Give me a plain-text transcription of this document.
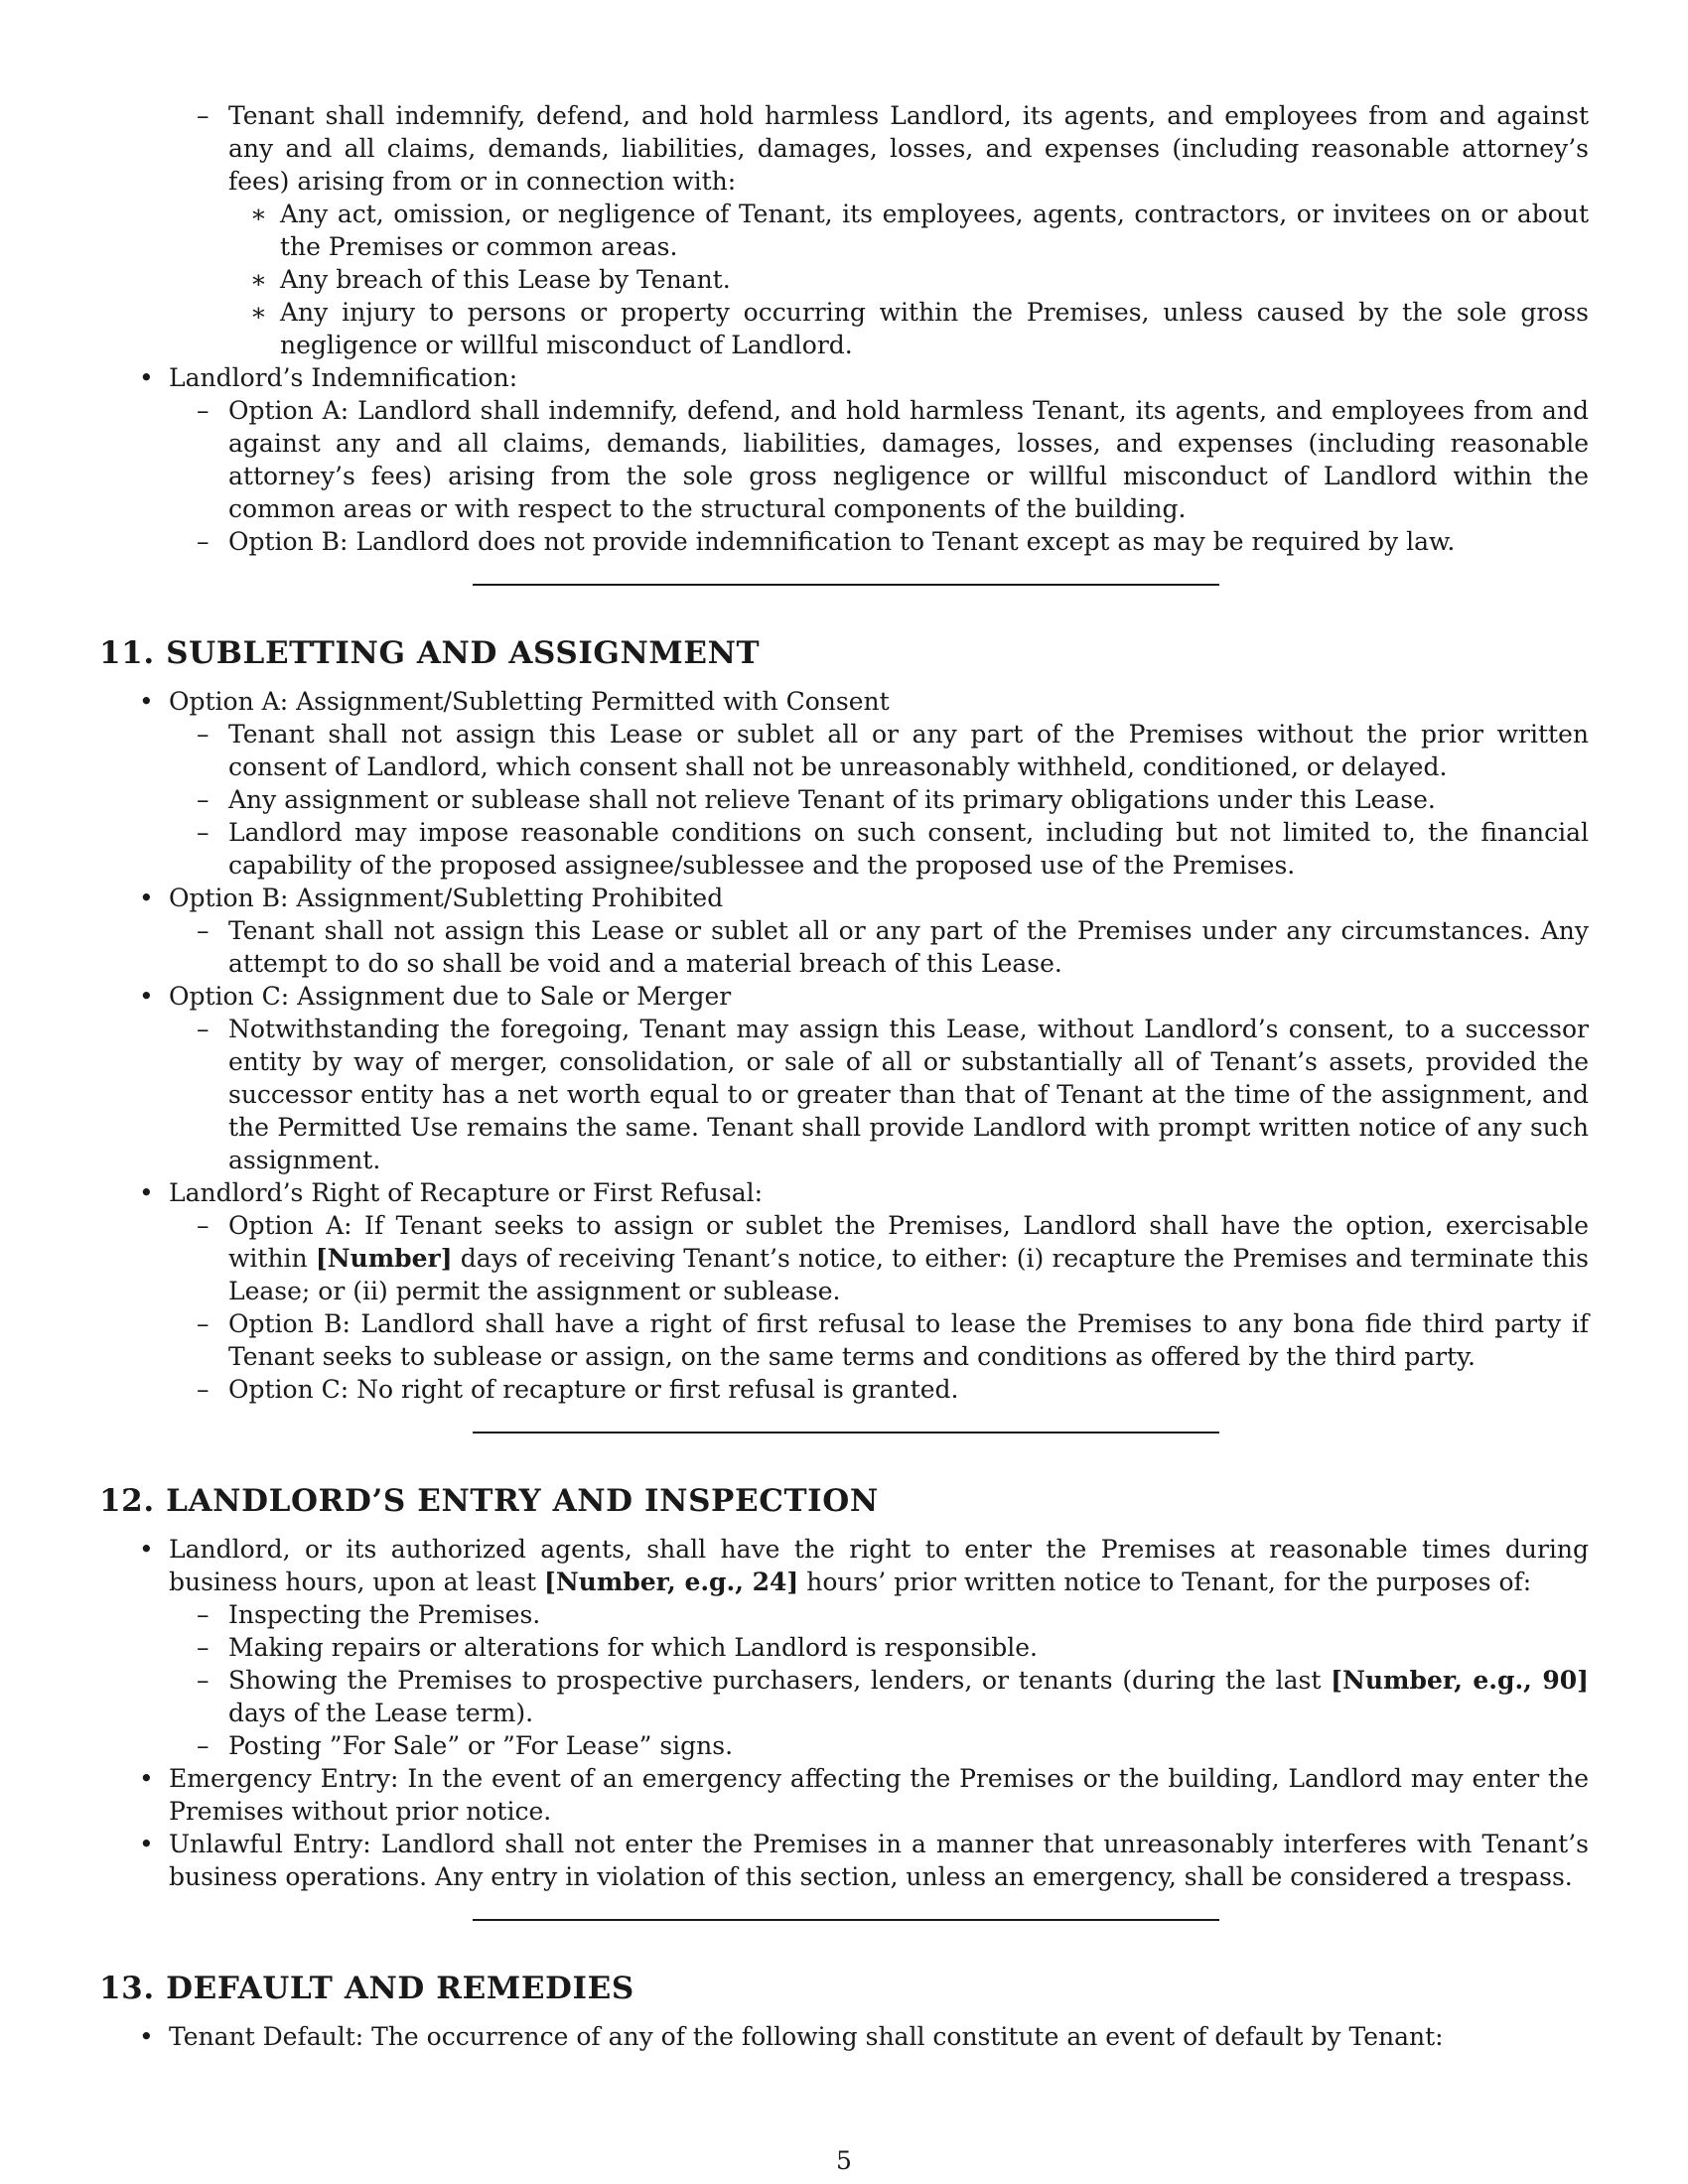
– Tenant shall indemnify, defend, and hold harmless Landlord, its agents, and employees from and against any and all claims, demands, liabilities, damages, losses, and expenses (including reasonable attorney’s fees) arising from or in connection with:
∗ Any act, omission, or negligence of Tenant, its employees, agents, contractors, or invitees on or about the Premises or common areas.
∗ Any breach of this Lease by Tenant.
∗ Any injury to persons or property occurring within the Premises, unless caused by the sole gross negligence or willful misconduct of Landlord.
• Landlord’s Indemnification:
– Option A: Landlord shall indemnify, defend, and hold harmless Tenant, its agents, and employees from and against any and all claims, demands, liabilities, damages, losses, and expenses (including reasonable attorney’s fees) arising from the sole gross negligence or willful misconduct of Landlord within the common areas or with respect to the structural components of the building.
– Option B: Landlord does not provide indemnification to Tenant except as may be required by law.
11. SUBLETTING AND ASSIGNMENT
• Option A: Assignment/Subletting Permitted with Consent
– Tenant shall not assign this Lease or sublet all or any part of the Premises without the prior written consent of Landlord, which consent shall not be unreasonably withheld, conditioned, or delayed.
– Any assignment or sublease shall not relieve Tenant of its primary obligations under this Lease.
– Landlord may impose reasonable conditions on such consent, including but not limited to, the financial capability of the proposed assignee/sublessee and the proposed use of the Premises.
• Option B: Assignment/Subletting Prohibited
– Tenant shall not assign this Lease or sublet all or any part of the Premises under any circumstances. Any attempt to do so shall be void and a material breach of this Lease.
• Option C: Assignment due to Sale or Merger
– Notwithstanding the foregoing, Tenant may assign this Lease, without Landlord’s consent, to a successor entity by way of merger, consolidation, or sale of all or substantially all of Tenant’s assets, provided the successor entity has a net worth equal to or greater than that of Tenant at the time of the assignment, and the Permitted Use remains the same. Tenant shall provide Landlord with prompt written notice of any such assignment.
• Landlord’s Right of Recapture or First Refusal:
– Option A: If Tenant seeks to assign or sublet the Premises, Landlord shall have the option, exercisable within [Number] days of receiving Tenant’s notice, to either: (i) recapture the Premises and terminate this Lease; or (ii) permit the assignment or sublease.
– Option B: Landlord shall have a right of first refusal to lease the Premises to any bona fide third party if Tenant seeks to sublease or assign, on the same terms and conditions as offered by the third party.
– Option C: No right of recapture or first refusal is granted.
12. LANDLORD’S ENTRY AND INSPECTION
• Landlord, or its authorized agents, shall have the right to enter the Premises at reasonable times during business hours, upon at least [Number, e.g., 24] hours’ prior written notice to Tenant, for the purposes of:
– Inspecting the Premises.
– Making repairs or alterations for which Landlord is responsible.
– Showing the Premises to prospective purchasers, lenders, or tenants (during the last [Number, e.g., 90] days of the Lease term).
– Posting ”For Sale” or ”For Lease” signs.
• Emergency Entry: In the event of an emergency affecting the Premises or the building, Landlord may enter the Premises without prior notice.
• Unlawful Entry: Landlord shall not enter the Premises in a manner that unreasonably interferes with Tenant’s business operations. Any entry in violation of this section, unless an emergency, shall be considered a trespass.
13. DEFAULT AND REMEDIES
• Tenant Default: The occurrence of any of the following shall constitute an event of default by Tenant:
5
